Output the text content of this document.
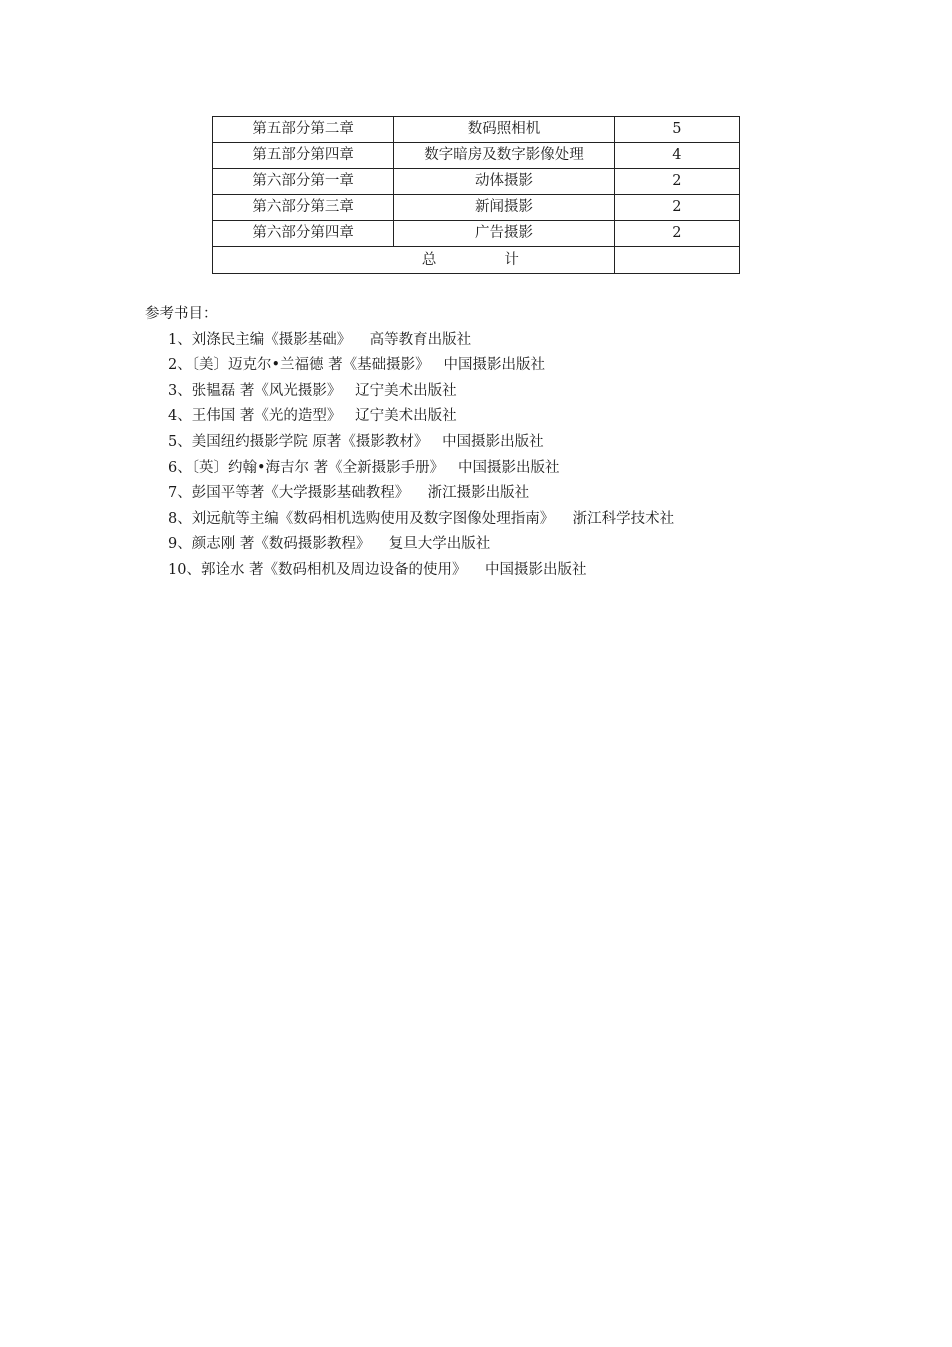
第五部分第二章	数码照相机	5
第五部分第四章	数字暗房及数字影像处理	4
第六部分第一章	动体摄影	2
第六部分第三章	新闻摄影	2
第六部分第四章	广告摄影	2
总 计		

参考书目：

1、刘涤民主编《摄影基础》    高等教育出版社
2、〔美〕迈克尔•兰福德 著《基础摄影》   中国摄影出版社
3、张韫磊 著《风光摄影》   辽宁美术出版社
4、王伟国 著《光的造型》   辽宁美术出版社
5、美国纽约摄影学院 原著《摄影教材》   中国摄影出版社
6、〔英〕约翰•海吉尔 著《全新摄影手册》   中国摄影出版社
7、彭国平等著《大学摄影基础教程》    浙江摄影出版社
8、刘远航等主编《数码相机选购使用及数字图像处理指南》    浙江科学技术社
9、颜志刚 著《数码摄影教程》    复旦大学出版社
10、郭诠水 著《数码相机及周边设备的使用》    中国摄影出版社
